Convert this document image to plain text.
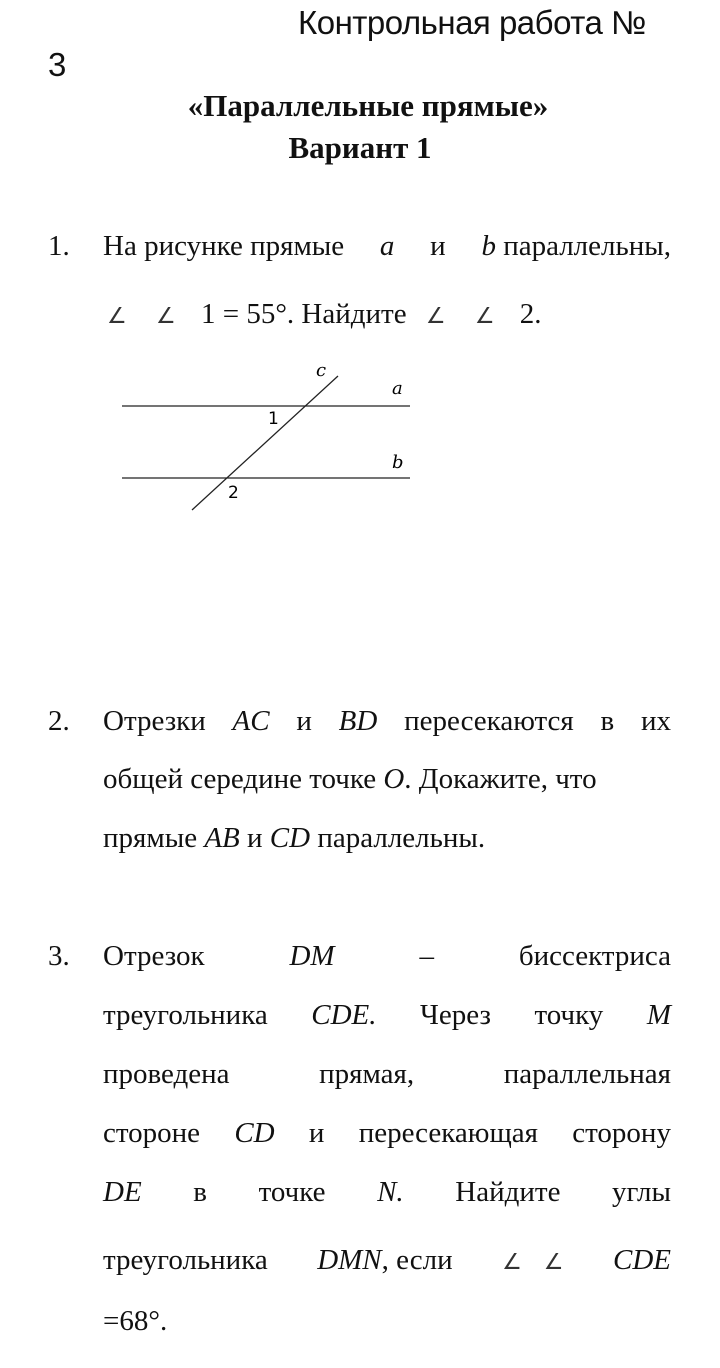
Контрольная работа №
3
«Параллельные прямые»
Вариант 1
1. На рисунке прямые a и b параллельны,
∠ ∠ 1 = 55°. Найдите ∠ ∠ 2.
c
a
b
1
2
2. Отрезки AC и BD пересекаются в их
общей середине точке O. Докажите, что
прямые AB и CD параллельны.
3. Отрезок	DM	–	биссектриса
треугольника CDE. Через точку M
проведена	прямая,	параллельная
стороне CD и пересекающая сторону
DE в точке N. Найдите углы
треугольника DMN, если ∠ ∠ CDE
=68°.
